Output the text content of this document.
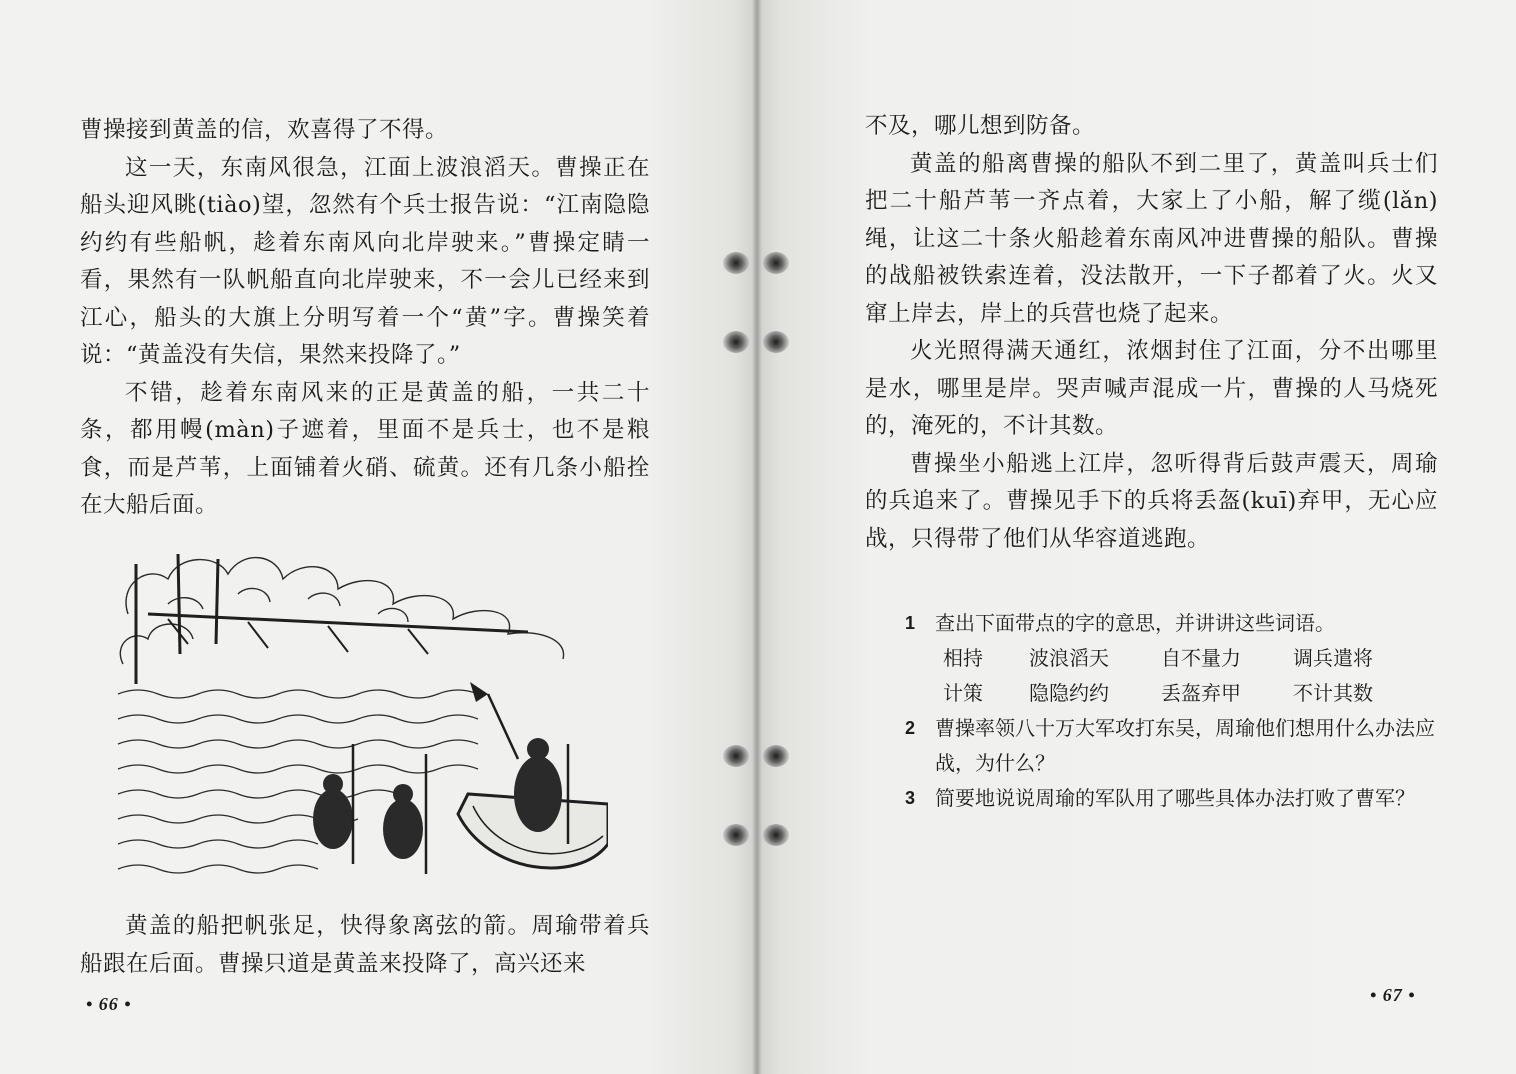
曹操接到黄盖的信，欢喜得了不得。

这一天，东南风很急，江面上波浪滔天。曹操正在船头迎风眺(tiào)望，忽然有个兵士报告说：“江南隐隐约约有些船帆，趁着东南风向北岸驶来。”曹操定睛一看，果然有一队帆船直向北岸驶来，不一会儿已经来到江心，船头的大旗上分明写着一个“黄”字。曹操笑着说：“黄盖没有失信，果然来投降了。”

不错，趁着东南风来的正是黄盖的船，一共二十条，都用幔(màn)子遮着，里面不是兵士，也不是粮食，而是芦苇，上面铺着火硝、硫黄。还有几条小船拴在大船后面。

黄盖的船把帆张足，快得象离弦的箭。周瑜带着兵船跟在后面。曹操只道是黄盖来投降了，高兴还来

• 66 •

不及，哪儿想到防备。

黄盖的船离曹操的船队不到二里了，黄盖叫兵士们把二十船芦苇一齐点着，大家上了小船，解了缆(lǎn)绳，让这二十条火船趁着东南风冲进曹操的船队。曹操的战船被铁索连着，没法散开，一下子都着了火。火又窜上岸去，岸上的兵营也烧了起来。

火光照得满天通红，浓烟封住了江面，分不出哪里是水，哪里是岸。哭声喊声混成一片，曹操的人马烧死的，淹死的，不计其数。

曹操坐小船逃上江岸，忽听得背后鼓声震天，周瑜的兵追来了。曹操见手下的兵将丢盔(kuī)弃甲，无心应战，只得带了他们从华容道逃跑。

1 查出下面带点的字的意思，并讲讲这些词语。
相持	波浪滔天	自不量力	调兵遣将
计策	隐隐约约	丢盔弃甲	不计其数
2 曹操率领八十万大军攻打东吴，周瑜他们想用什么办法应战，为什么？
3 简要地说说周瑜的军队用了哪些具体办法打败了曹军？
• 67 •
